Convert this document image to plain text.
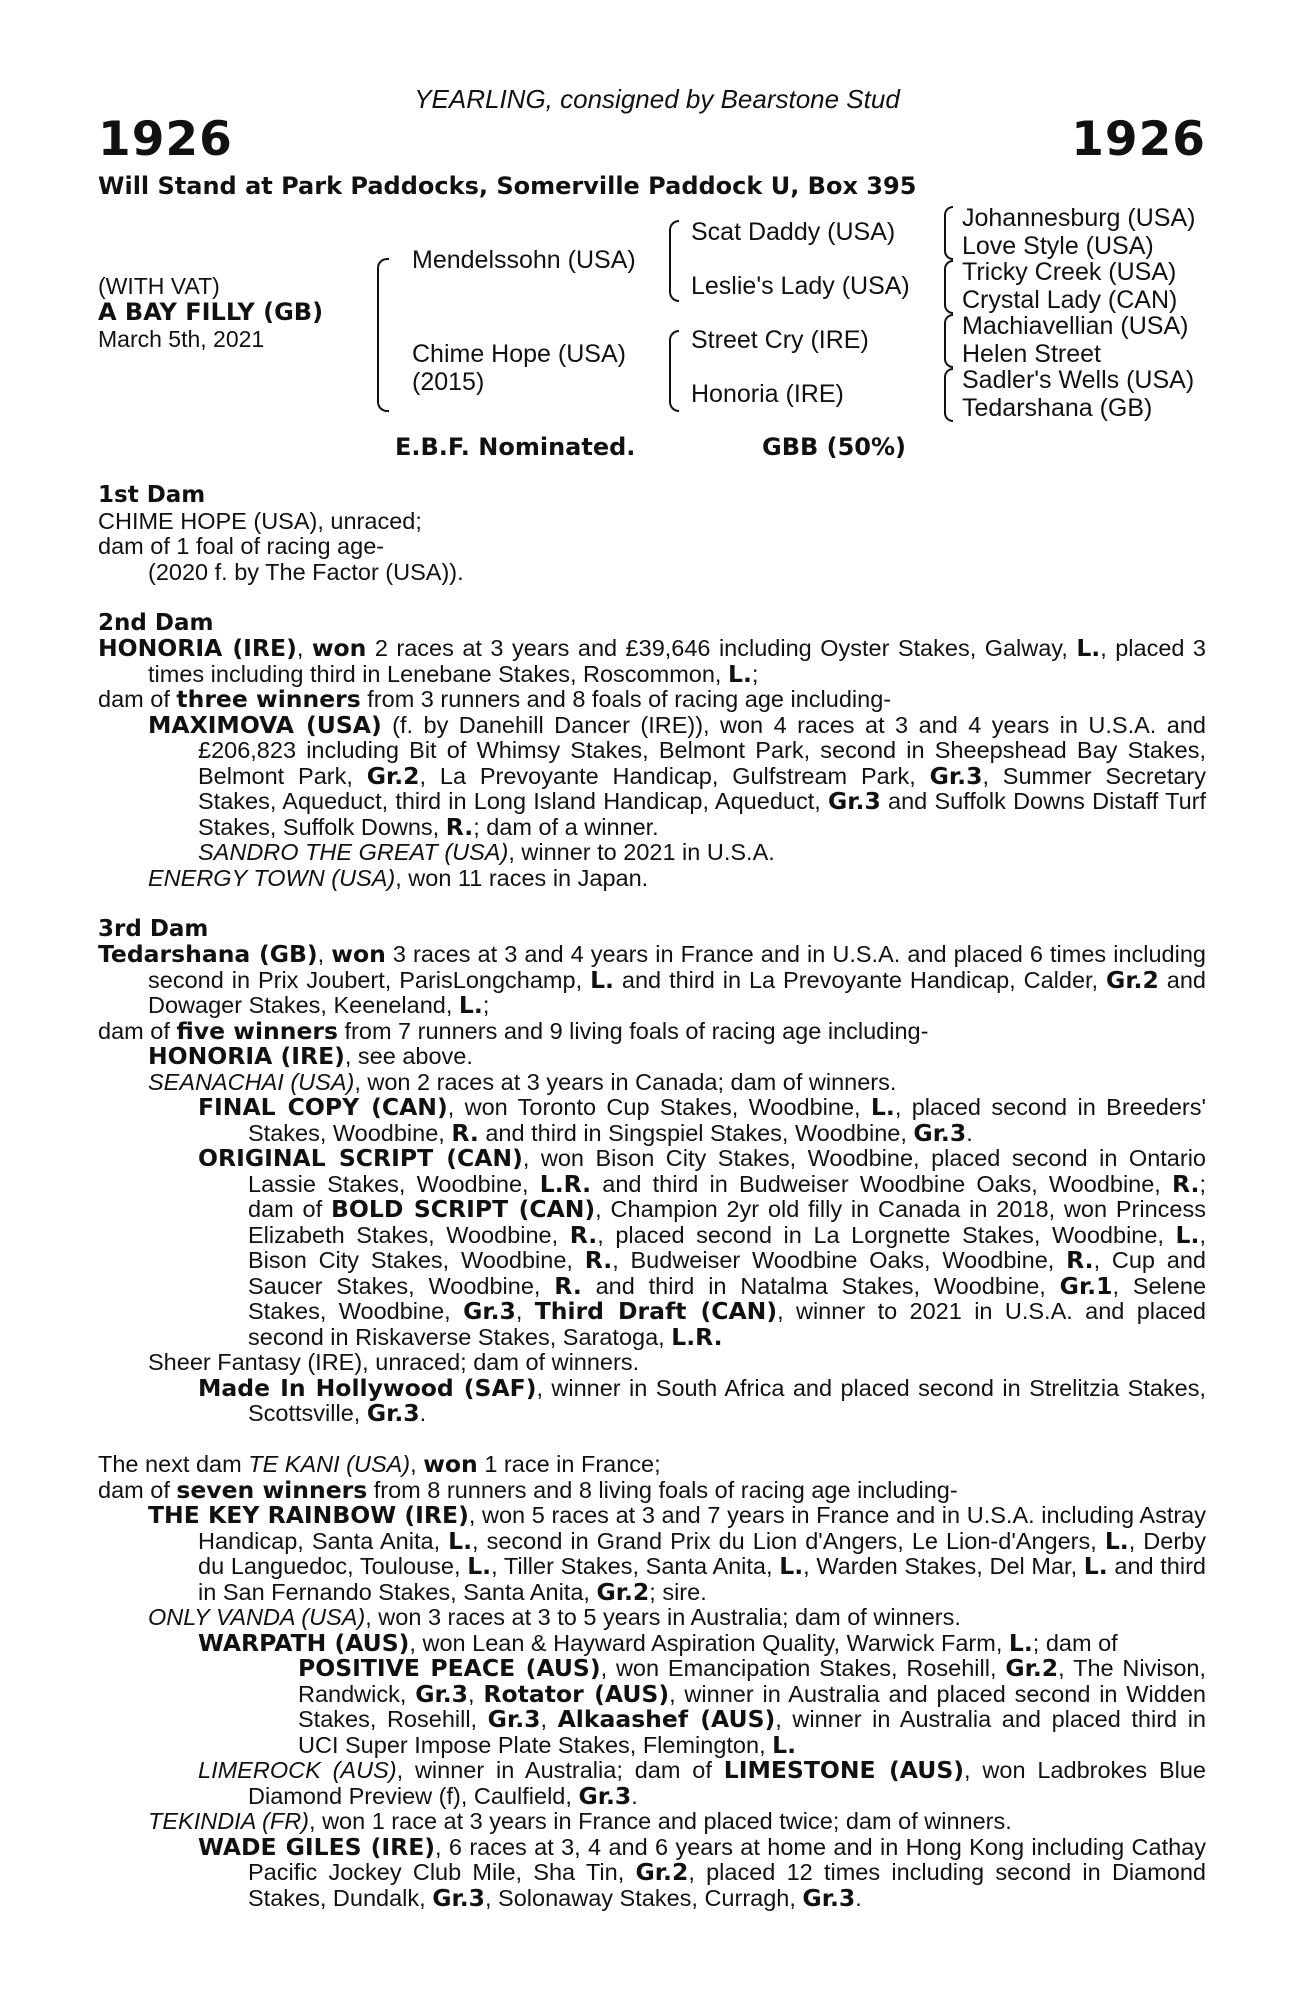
YEARLING, consigned by Bearstone Stud
1926	1926
Will Stand at Park Paddocks, Somerville Paddock U, Box 395
(WITH VAT)
A BAY FILLY (GB)
March 5th, 2021
Mendelssohn (USA)
Chime Hope (USA)
(2015)
Scat Daddy (USA)
Leslie's Lady (USA)
Street Cry (IRE)
Honoria (IRE)
Johannesburg (USA)
Love Style (USA)
Tricky Creek (USA)
Crystal Lady (CAN)
Machiavellian (USA)
Helen Street
Sadler's Wells (USA)
Tedarshana (GB)
E.B.F. Nominated.	GBB (50%)
1st Dam
CHIME HOPE (USA), unraced;
dam of 1 foal of racing age-
(2020 f. by The Factor (USA)).
2nd Dam
HONORIA (IRE), won 2 races at 3 years and £39,646 including Oyster Stakes, Galway, L., placed 3 times including third in Lenebane Stakes, Roscommon, L.;
dam of three winners from 3 runners and 8 foals of racing age including-
MAXIMOVA (USA) (f. by Danehill Dancer (IRE)), won 4 races at 3 and 4 years in U.S.A. and £206,823 including Bit of Whimsy Stakes, Belmont Park, second in Sheepshead Bay Stakes, Belmont Park, Gr.2, La Prevoyante Handicap, Gulfstream Park, Gr.3, Summer Secretary Stakes, Aqueduct, third in Long Island Handicap, Aqueduct, Gr.3 and Suffolk Downs Distaff Turf Stakes, Suffolk Downs, R.; dam of a winner.
SANDRO THE GREAT (USA), winner to 2021 in U.S.A.
ENERGY TOWN (USA), won 11 races in Japan.
3rd Dam
Tedarshana (GB), won 3 races at 3 and 4 years in France and in U.S.A. and placed 6 times including second in Prix Joubert, ParisLongchamp, L. and third in La Prevoyante Handicap, Calder, Gr.2 and Dowager Stakes, Keeneland, L.;
dam of five winners from 7 runners and 9 living foals of racing age including-
HONORIA (IRE), see above.
SEANACHAI (USA), won 2 races at 3 years in Canada; dam of winners.
FINAL COPY (CAN), won Toronto Cup Stakes, Woodbine, L., placed second in Breeders' Stakes, Woodbine, R. and third in Singspiel Stakes, Woodbine, Gr.3.
ORIGINAL SCRIPT (CAN), won Bison City Stakes, Woodbine, placed second in Ontario Lassie Stakes, Woodbine, L.R. and third in Budweiser Woodbine Oaks, Woodbine, R.; dam of BOLD SCRIPT (CAN), Champion 2yr old filly in Canada in 2018, won Princess Elizabeth Stakes, Woodbine, R., placed second in La Lorgnette Stakes, Woodbine, L., Bison City Stakes, Woodbine, R., Budweiser Woodbine Oaks, Woodbine, R., Cup and Saucer Stakes, Woodbine, R. and third in Natalma Stakes, Woodbine, Gr.1, Selene Stakes, Woodbine, Gr.3, Third Draft (CAN), winner to 2021 in U.S.A. and placed second in Riskaverse Stakes, Saratoga, L.R.
Sheer Fantasy (IRE), unraced; dam of winners.
Made In Hollywood (SAF), winner in South Africa and placed second in Strelitzia Stakes, Scottsville, Gr.3.
The next dam TE KANI (USA), won 1 race in France;
dam of seven winners from 8 runners and 8 living foals of racing age including-
THE KEY RAINBOW (IRE), won 5 races at 3 and 7 years in France and in U.S.A. including Astray Handicap, Santa Anita, L., second in Grand Prix du Lion d'Angers, Le Lion-d'Angers, L., Derby du Languedoc, Toulouse, L., Tiller Stakes, Santa Anita, L., Warden Stakes, Del Mar, L. and third in San Fernando Stakes, Santa Anita, Gr.2; sire.
ONLY VANDA (USA), won 3 races at 3 to 5 years in Australia; dam of winners.
WARPATH (AUS), won Lean & Hayward Aspiration Quality, Warwick Farm, L.; dam of

POSITIVE PEACE (AUS), won Emancipation Stakes, Rosehill, Gr.2, The Nivison, Randwick, Gr.3, Rotator (AUS), winner in Australia and placed second in Widden Stakes, Rosehill, Gr.3, Alkaashef (AUS), winner in Australia and placed third in UCI Super Impose Plate Stakes, Flemington, L.
LIMEROCK (AUS), winner in Australia; dam of LIMESTONE (AUS), won Ladbrokes Blue Diamond Preview (f), Caulfield, Gr.3.
TEKINDIA (FR), won 1 race at 3 years in France and placed twice; dam of winners.
WADE GILES (IRE), 6 races at 3, 4 and 6 years at home and in Hong Kong including Cathay Pacific Jockey Club Mile, Sha Tin, Gr.2, placed 12 times including second in Diamond Stakes, Dundalk, Gr.3, Solonaway Stakes, Curragh, Gr.3.
